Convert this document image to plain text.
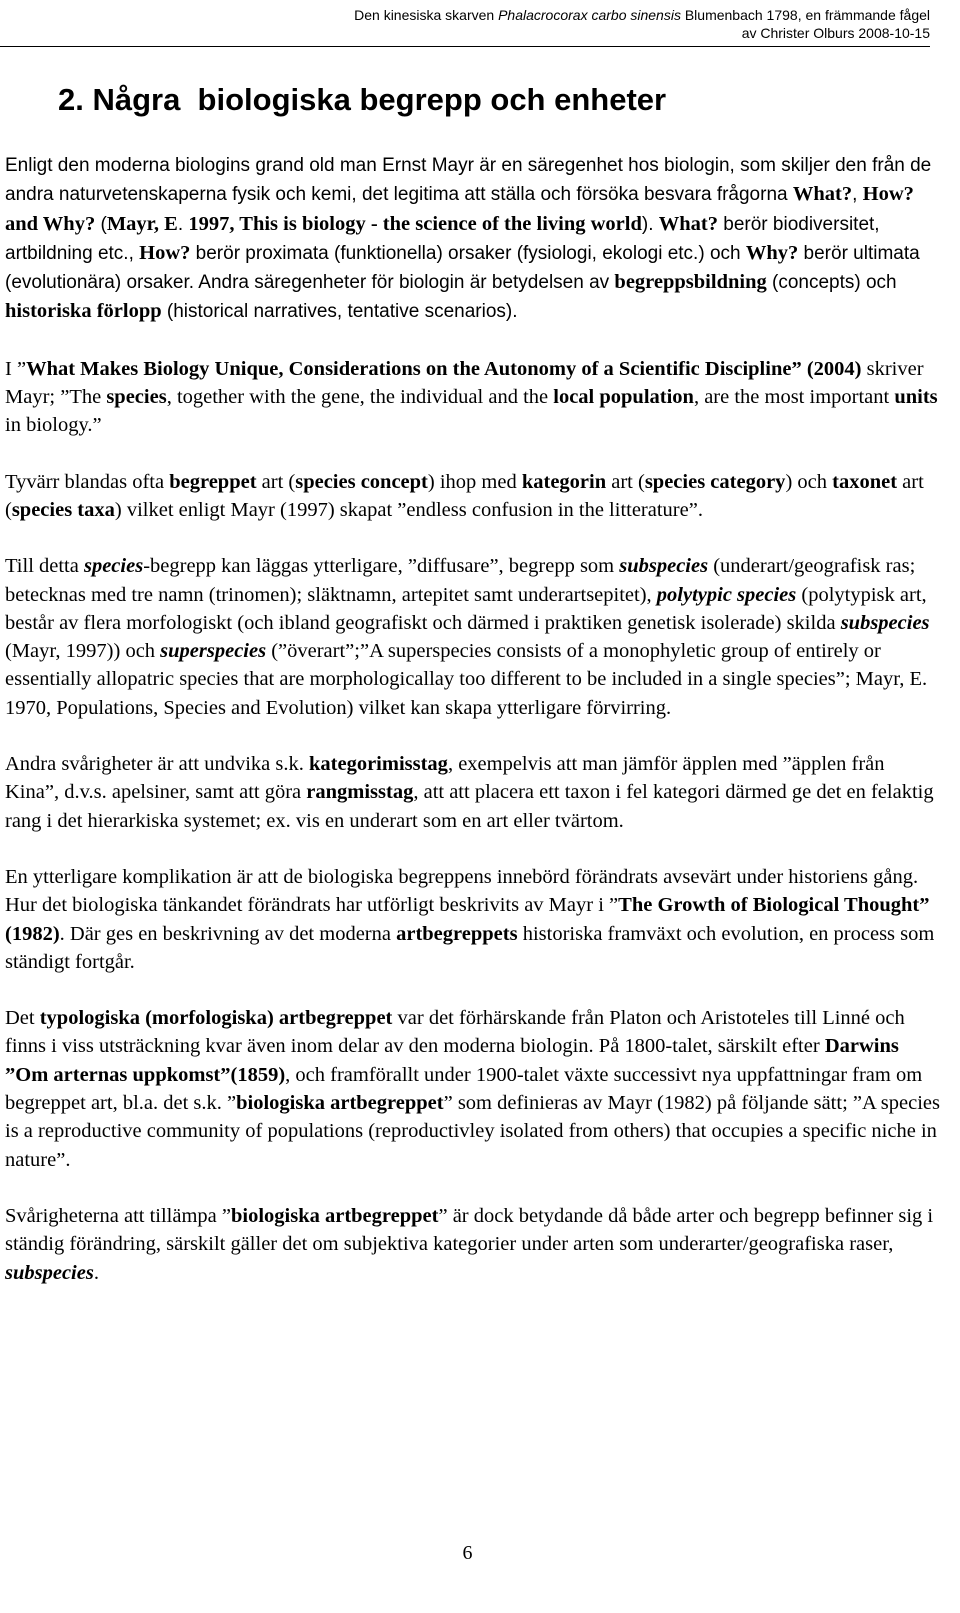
Den kinesiska skarven Phalacrocorax carbo sinensis Blumenbach 1798, en främmande fågel
av Christer Olburs 2008-10-15
2. Några  biologiska begrepp och enheter

Enligt den moderna biologins grand old man Ernst Mayr är en säregenhet hos biologin, som skiljer den från de andra naturvetenskaperna fysik och kemi, det legitima att ställa och försöka besvara frågorna What?, How? and Why? (Mayr, E. 1997, This is biology - the science of the living world). What? berör biodiversitet, artbildning etc., How? berör proximata (funktionella) orsaker (fysiologi, ekologi etc.) och Why? berör ultimata (evolutionära) orsaker. Andra säregenheter för biologin är betydelsen av begreppsbildning (concepts) och historiska förlopp (historical narratives, tentative scenarios).

I ”What Makes Biology Unique, Considerations on the Autonomy of a Scientific Discipline” (2004) skriver Mayr; ”The species, together with the gene, the individual and the local population, are the most important units in biology.”

Tyvärr blandas ofta begreppet art (species concept) ihop med kategorin art (species category) och taxonet art (species taxa) vilket enligt Mayr (1997) skapat ”endless confusion in the litterature”.

Till detta species-begrepp kan läggas ytterligare, ”diffusare”, begrepp som subspecies (underart/geografisk ras; betecknas med tre namn (trinomen); släktnamn, artepitet samt underartsepitet), polytypic species (polytypisk art, består av flera morfologiskt (och ibland geografiskt och därmed i praktiken genetisk isolerade) skilda subspecies (Mayr, 1997)) och superspecies (”överart”;”A superspecies consists of a monophyletic group of entirely or essentially allopatric species that are morphologicallay too different to be included in a single species”; Mayr, E. 1970, Populations, Species and Evolution) vilket kan skapa ytterligare förvirring.

Andra svårigheter är att undvika s.k. kategorimisstag, exempelvis att man jämför äpplen med ”äpplen från Kina”, d.v.s. apelsiner, samt att göra rangmisstag, att att placera ett taxon i fel kategori därmed ge det en felaktig rang i det hierarkiska systemet; ex. vis en underart som en art eller tvärtom.

En ytterligare komplikation är att de biologiska begreppens innebörd förändrats avsevärt under historiens gång. Hur det biologiska tänkandet förändrats har utförligt beskrivits av Mayr i ”The Growth of Biological Thought” (1982). Där ges en beskrivning av det moderna artbegreppets historiska framväxt och evolution, en process som ständigt fortgår.

Det typologiska (morfologiska) artbegreppet var det förhärskande från Platon och Aristoteles till Linné och finns i viss utsträckning kvar även inom delar av den moderna biologin. På 1800-talet, särskilt efter Darwins ”Om arternas uppkomst”(1859), och framförallt under 1900-talet växte successivt nya uppfattningar fram om begreppet art, bl.a. det s.k. ”biologiska artbegreppet” som definieras av Mayr (1982) på följande sätt; ”A species is a reproductive community of populations (reproductivley isolated from others) that occupies a specific niche in nature”.

Svårigheterna att tillämpa ”biologiska artbegreppet” är dock betydande då både arter och begrepp befinner sig i ständig förändring, särskilt gäller det om subjektiva kategorier under arten som underarter/geografiska raser, subspecies.

6
